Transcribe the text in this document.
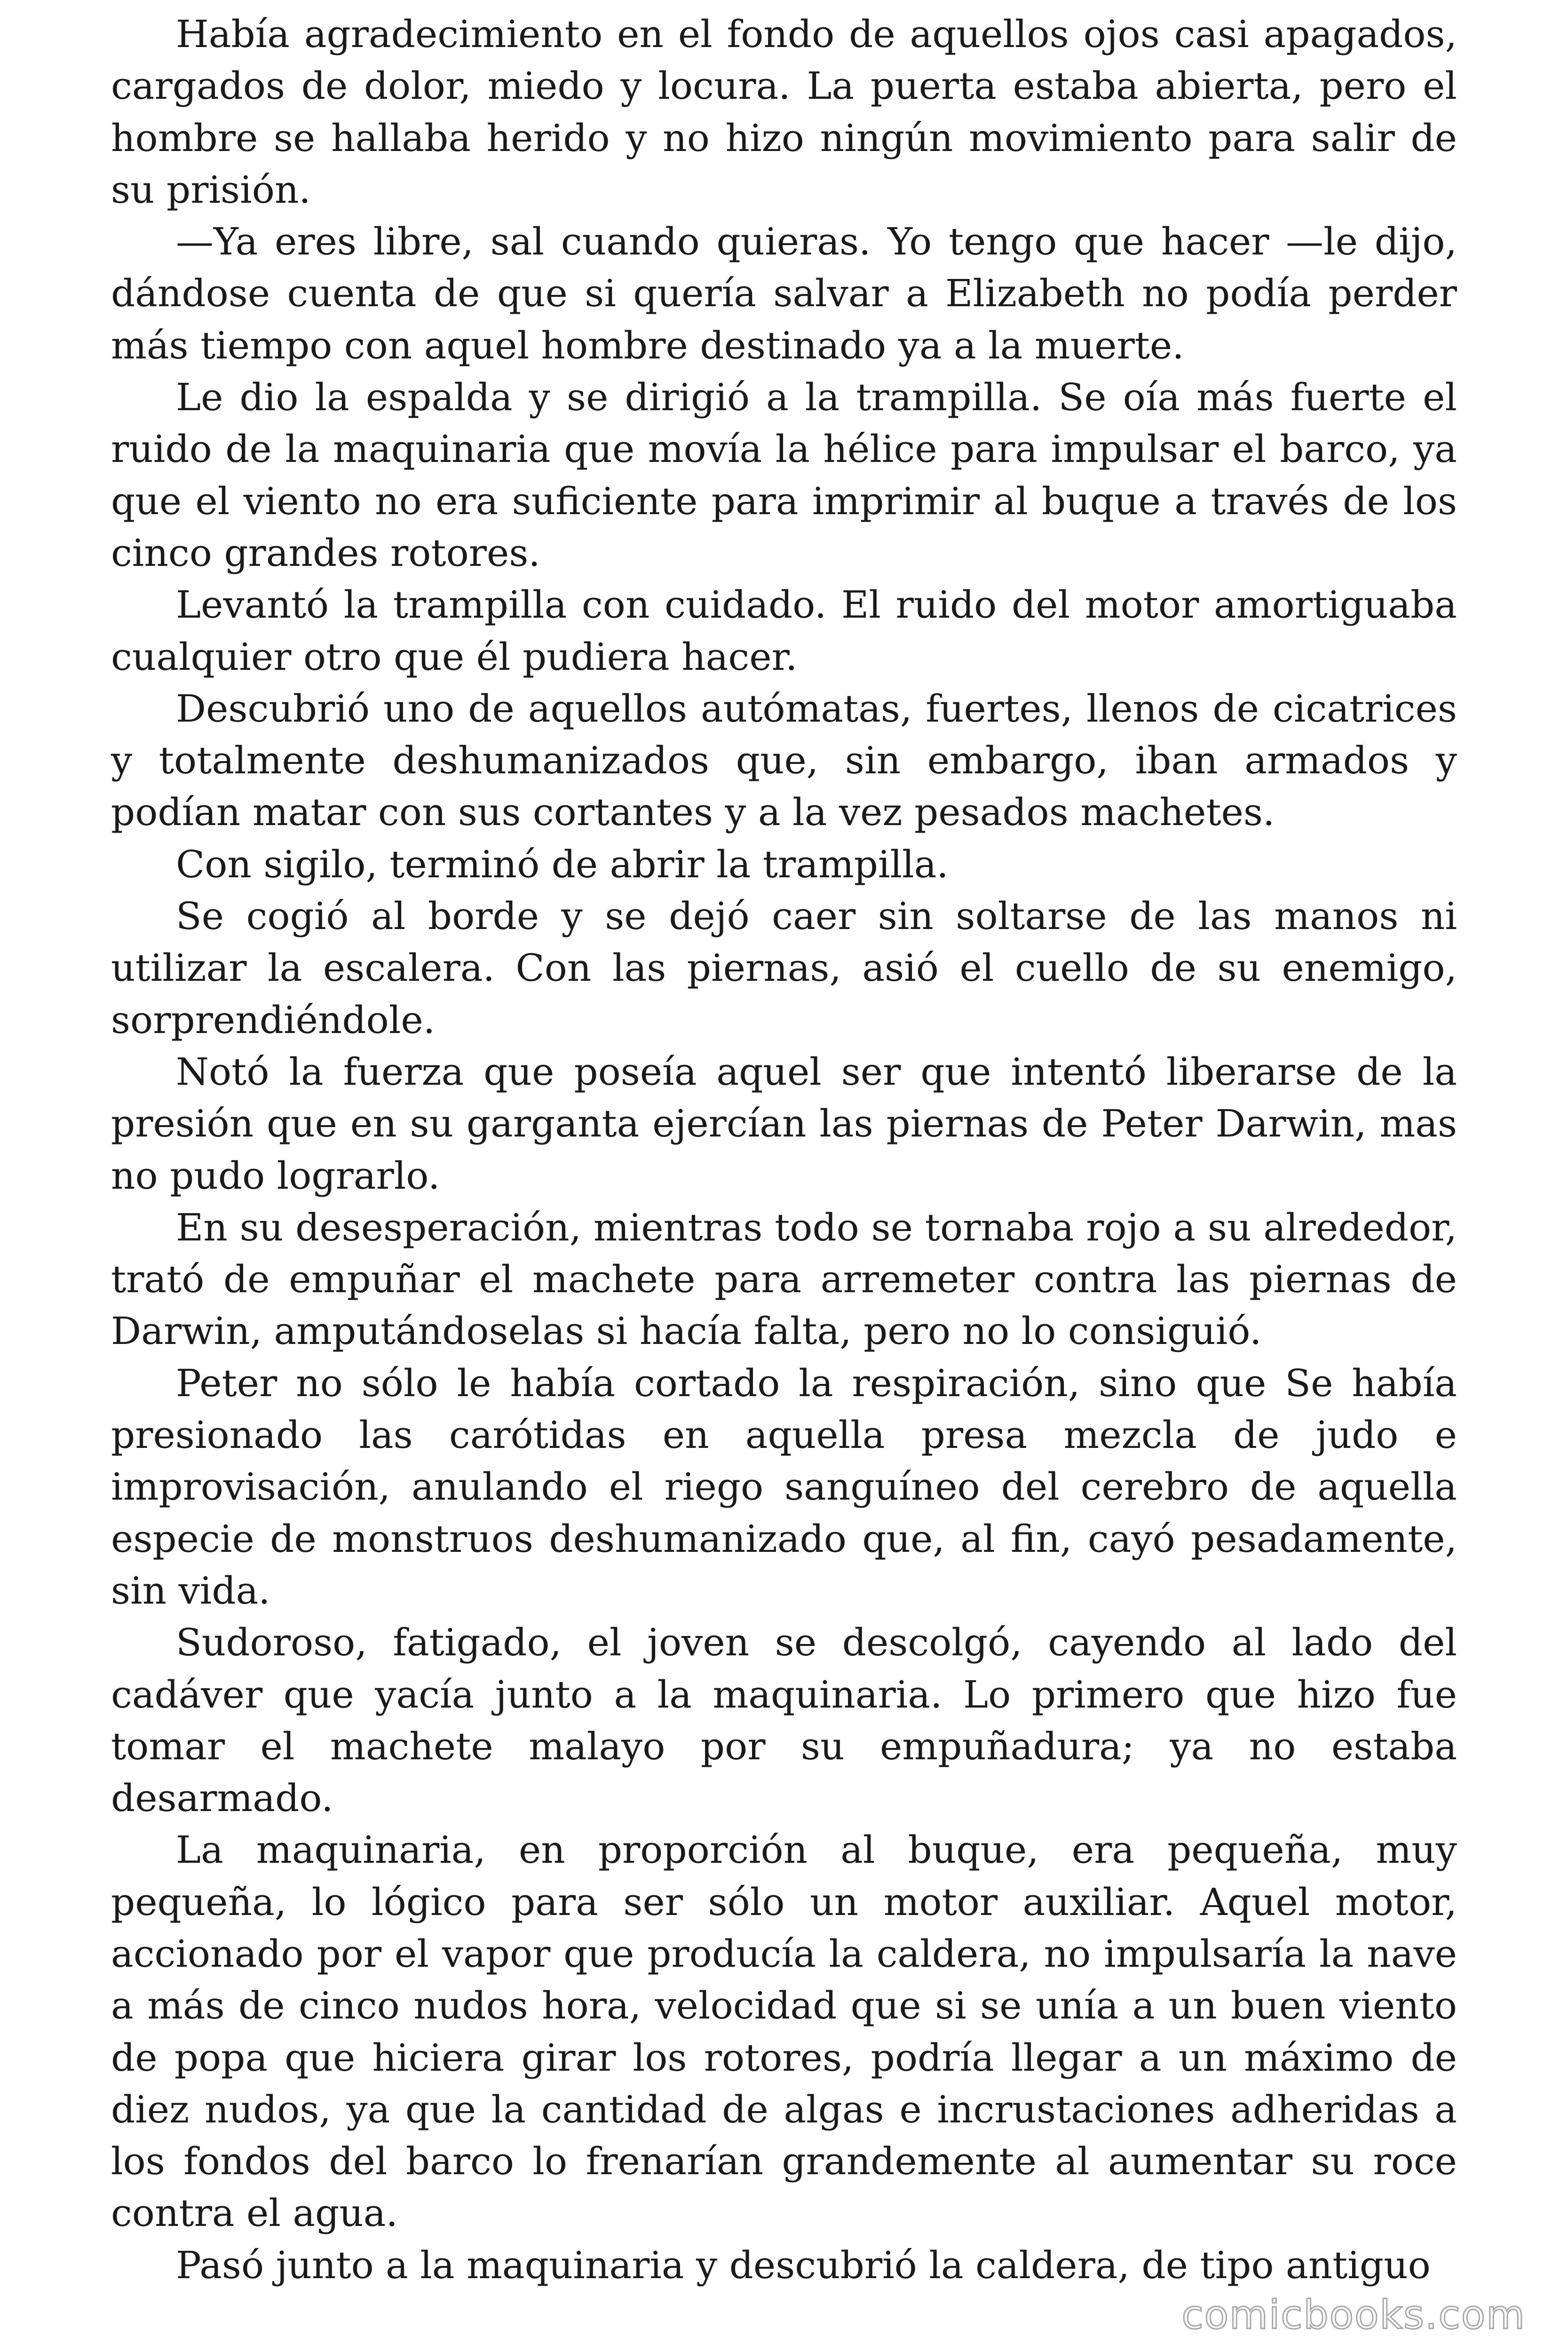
Había agradecimiento en el fondo de aquellos ojos casi apagados, cargados de dolor, miedo y locura. La puerta estaba abierta, pero el hombre se hallaba herido y no hizo ningún movimiento para salir de su prisión.

—Ya eres libre, sal cuando quieras. Yo tengo que hacer —le dijo, dándose cuenta de que si quería salvar a Elizabeth no podía perder más tiempo con aquel hombre destinado ya a la muerte.

Le dio la espalda y se dirigió a la trampilla. Se oía más fuerte el ruido de la maquinaria que movía la hélice para impulsar el barco, ya que el viento no era suficiente para imprimir al buque a través de los cinco grandes rotores.

Levantó la trampilla con cuidado. El ruido del motor amortiguaba cualquier otro que él pudiera hacer.

Descubrió uno de aquellos autómatas, fuertes, llenos de cicatrices y totalmente deshumanizados que, sin embargo, iban armados y podían matar con sus cortantes y a la vez pesados machetes.

Con sigilo, terminó de abrir la trampilla.

Se cogió al borde y se dejó caer sin soltarse de las manos ni utilizar la escalera. Con las piernas, asió el cuello de su enemigo, sorprendiéndole.

Notó la fuerza que poseía aquel ser que intentó liberarse de la presión que en su garganta ejercían las piernas de Peter Darwin, mas no pudo lograrlo.

En su desesperación, mientras todo se tornaba rojo a su alrededor, trató de empuñar el machete para arremeter contra las piernas de Darwin, amputándoselas si hacía falta, pero no lo consiguió.

Peter no sólo le había cortado la respiración, sino que Se había presionado las carótidas en aquella presa mezcla de judo e improvisación, anulando el riego sanguíneo del cerebro de aquella especie de monstruos deshumanizado que, al fin, cayó pesadamente, sin vida.

Sudoroso, fatigado, el joven se descolgó, cayendo al lado del cadáver que yacía junto a la maquinaria. Lo primero que hizo fue tomar el machete malayo por su empuñadura; ya no estaba desarmado.

La maquinaria, en proporción al buque, era pequeña, muy pequeña, lo lógico para ser sólo un motor auxiliar. Aquel motor, accionado por el vapor que producía la caldera, no impulsaría la nave a más de cinco nudos hora, velocidad que si se unía a un buen viento de popa que hiciera girar los rotores, podría llegar a un máximo de diez nudos, ya que la cantidad de algas e incrustaciones adheridas a los fondos del barco lo frenarían grandemente al aumentar su roce contra el agua.

Pasó junto a la maquinaria y descubrió la caldera, de tipo antiguo

comicbooks.com
